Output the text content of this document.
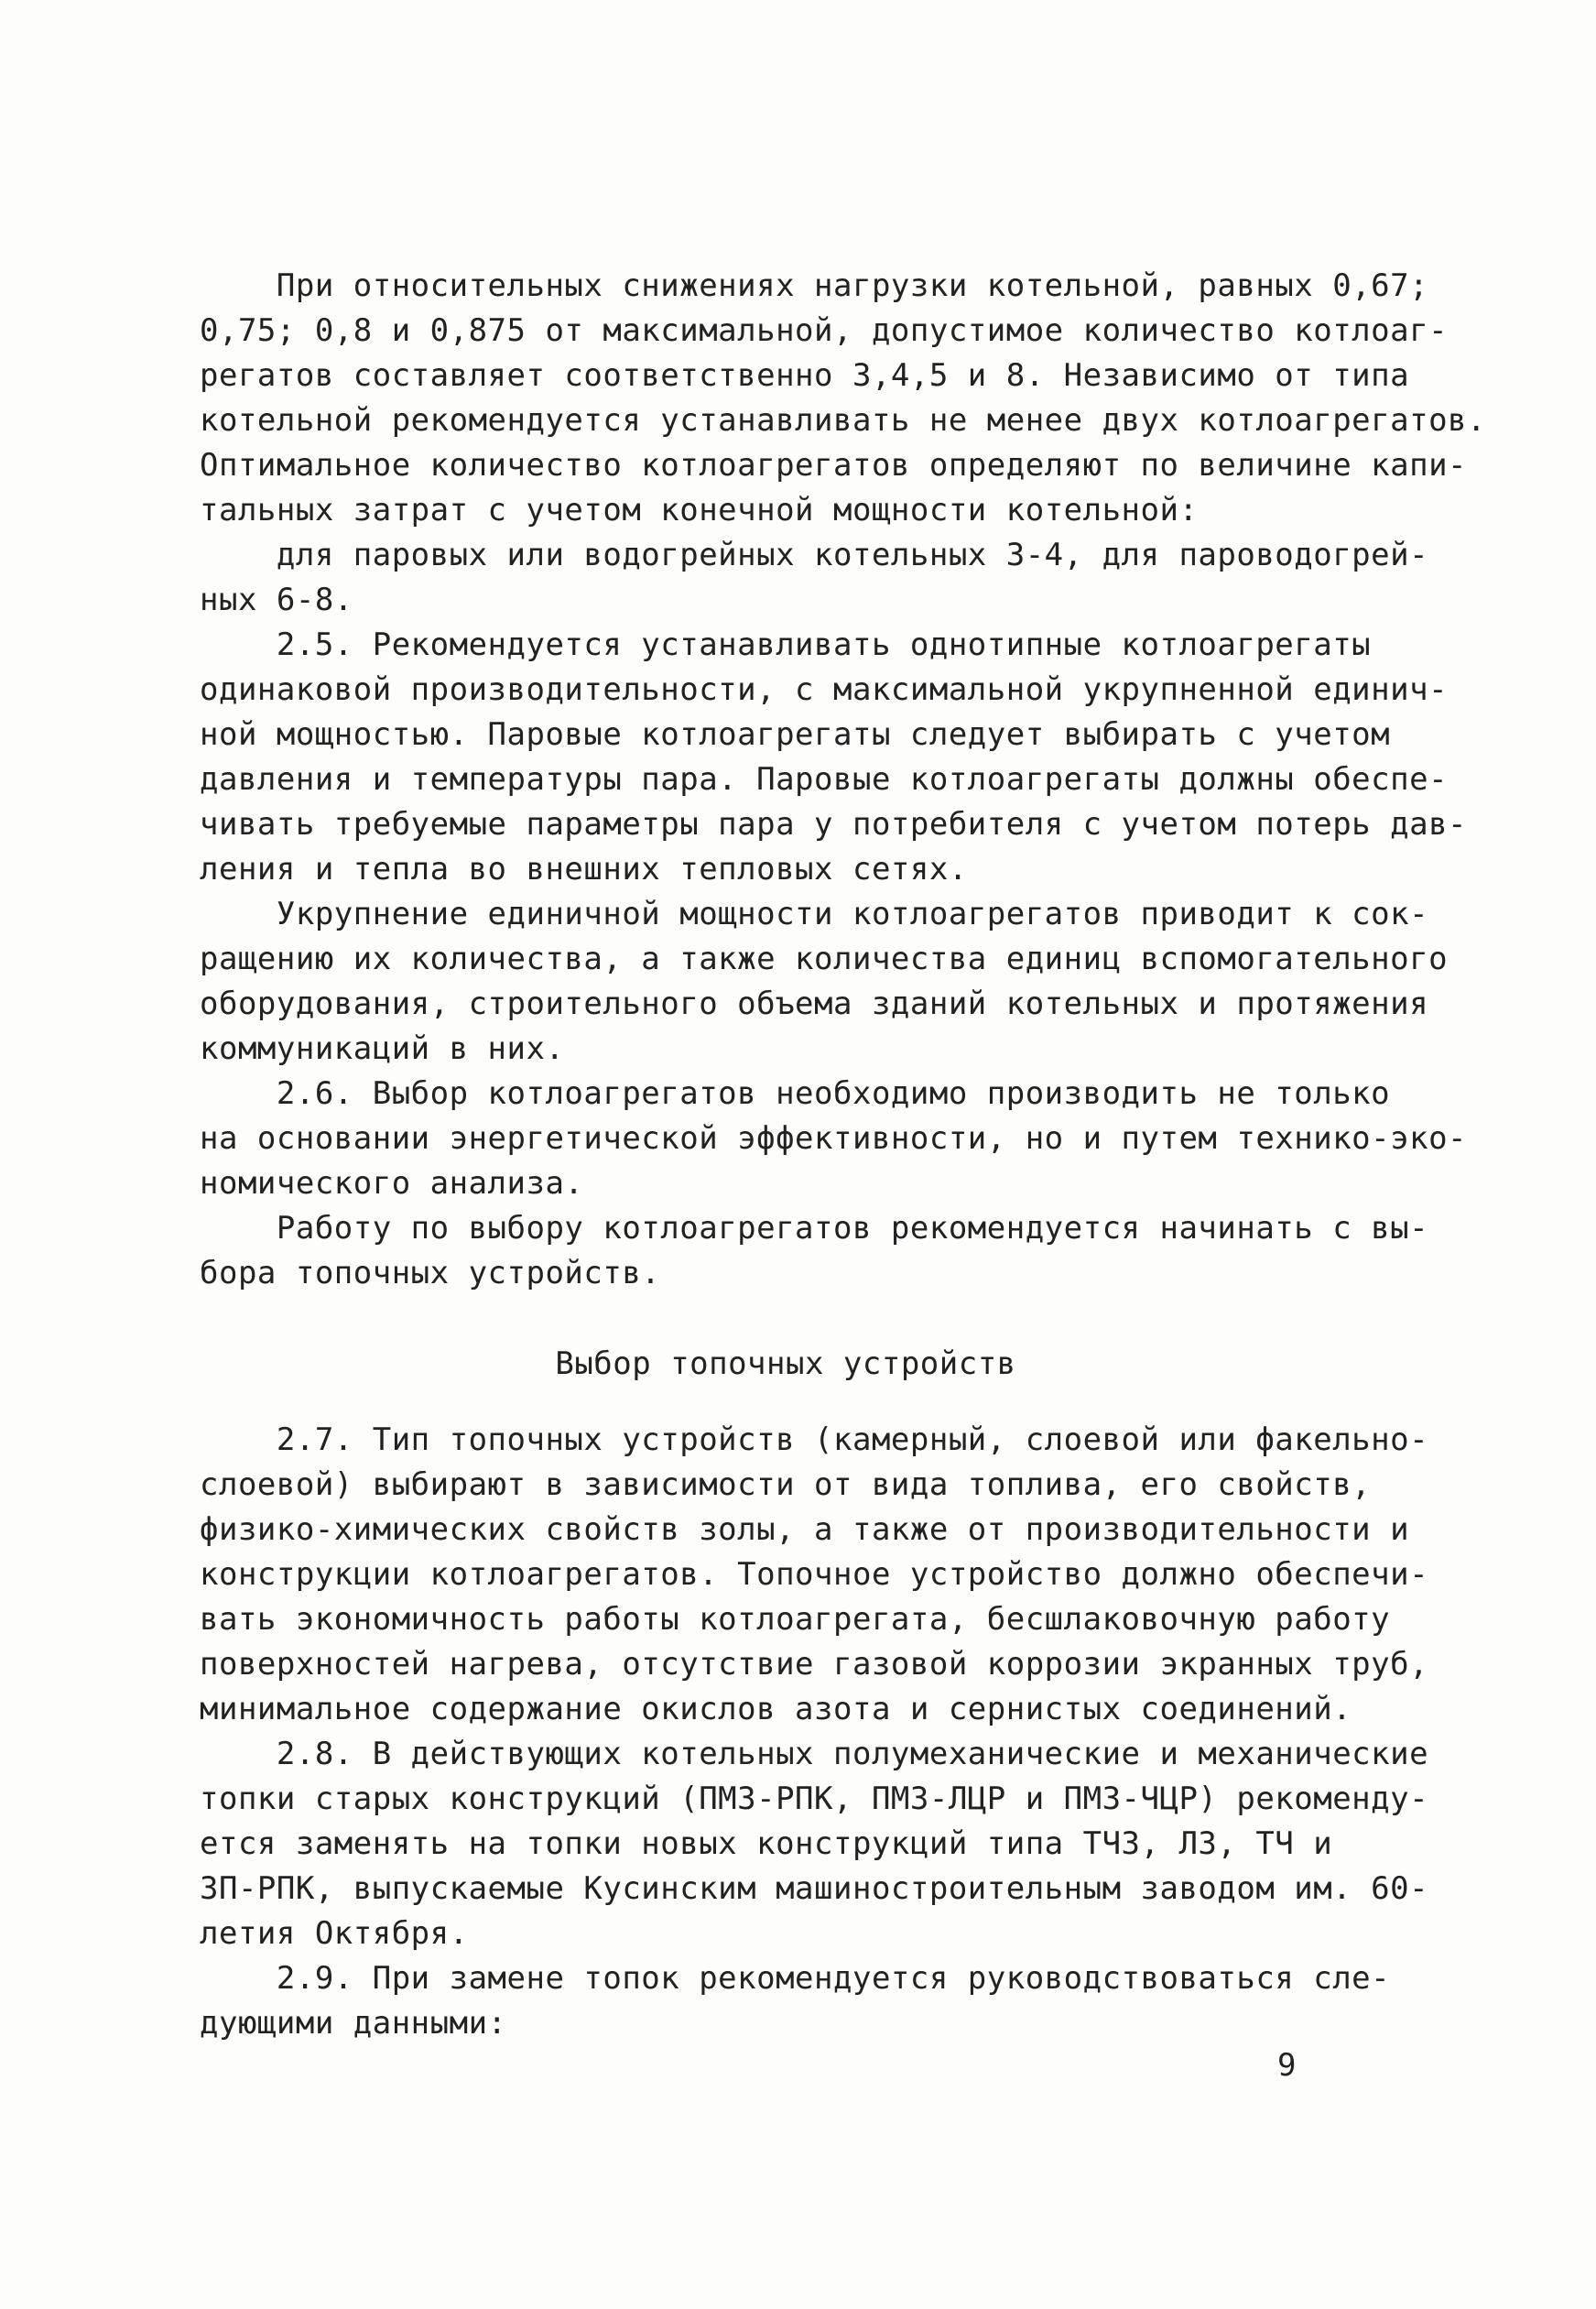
При относительных снижениях нагрузки котельной, равных 0,67;
0,75; 0,8 и 0,875 от максимальной, допустимое количество котлоаг-
регатов составляет соответственно 3,4,5 и 8. Независимо от типа
котельной рекомендуется устанавливать не менее двух котлоагрегатов.
Оптимальное количество котлоагрегатов определяют по величине капи-
тальных затрат с учетом конечной мощности котельной:
для паровых или водогрейных котельных 3-4, для пароводогрей-
ных 6-8.
2.5. Рекомендуется устанавливать однотипные котлоагрегаты
одинаковой производительности, с максимальной укрупненной единич-
ной мощностью. Паровые котлоагрегаты следует выбирать с учетом
давления и температуры пара. Паровые котлоагрегаты должны обеспе-
чивать требуемые параметры пара у потребителя с учетом потерь дав-
ления и тепла во внешних тепловых сетях.
Укрупнение единичной мощности котлоагрегатов приводит к сок-
ращению их количества, а также количества единиц вспомогательного
оборудования, строительного объема зданий котельных и протяжения
коммуникаций в них.
2.6. Выбор котлоагрегатов необходимо производить не только
на основании энергетической эффективности, но и путем технико-эко-
номического анализа.
Работу по выбору котлоагрегатов рекомендуется начинать с вы-
бора топочных устройств.
Выбор топочных устройств
2.7. Тип топочных устройств (камерный, слоевой или факельно-
слоевой) выбирают в зависимости от вида топлива, его свойств,
физико-химических свойств золы, а также от производительности и
конструкции котлоагрегатов. Топочное устройство должно обеспечи-
вать экономичность работы котлоагрегата, бесшлаковочную работу
поверхностей нагрева, отсутствие газовой коррозии экранных труб,
минимальное содержание окислов азота и сернистых соединений.
2.8. В действующих котельных полумеханические и механические
топки старых конструкций (ПМЗ-РПК, ПМЗ-ЛЦР и ПМЗ-ЧЦР) рекоменду-
ется заменять на топки новых конструкций типа ТЧЗ, ЛЗ, ТЧ и
ЗП-РПК, выпускаемые Кусинским машиностроительным заводом им. 60-
летия Октября.
2.9. При замене топок рекомендуется руководствоваться сле-
дующими данными:
9
